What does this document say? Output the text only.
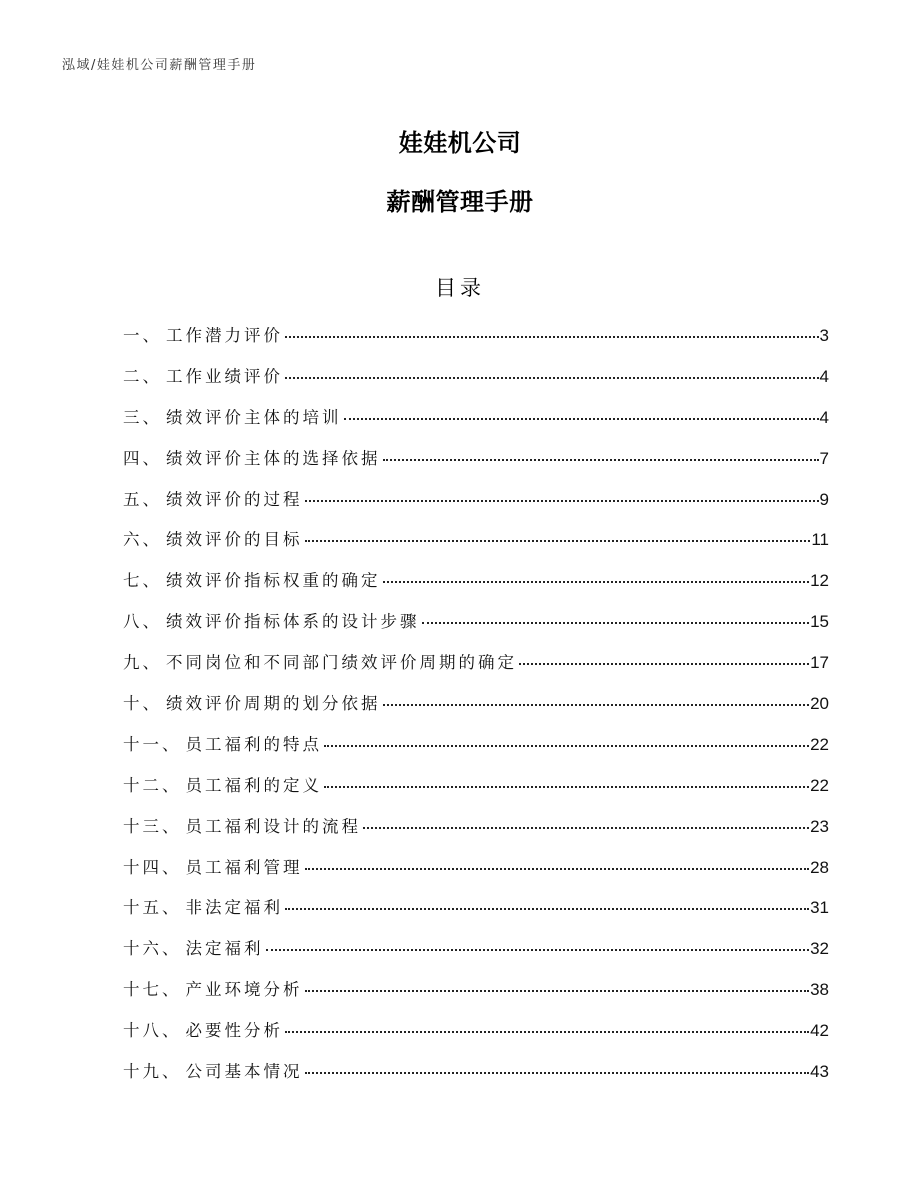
泓域/娃娃机公司薪酬管理手册
娃娃机公司
薪酬管理手册
目录
一、 工作潜力评价	3
二、 工作业绩评价	4
三、 绩效评价主体的培训	4
四、 绩效评价主体的选择依据	7
五、 绩效评价的过程	9
六、 绩效评价的目标	11
七、 绩效评价指标权重的确定	12
八、 绩效评价指标体系的设计步骤	15
九、 不同岗位和不同部门绩效评价周期的确定	17
十、 绩效评价周期的划分依据	20
十一、 员工福利的特点	22
十二、 员工福利的定义	22
十三、 员工福利设计的流程	23
十四、 员工福利管理	28
十五、 非法定福利	31
十六、 法定福利	32
十七、 产业环境分析	38
十八、 必要性分析	42
十九、 公司基本情况	43
